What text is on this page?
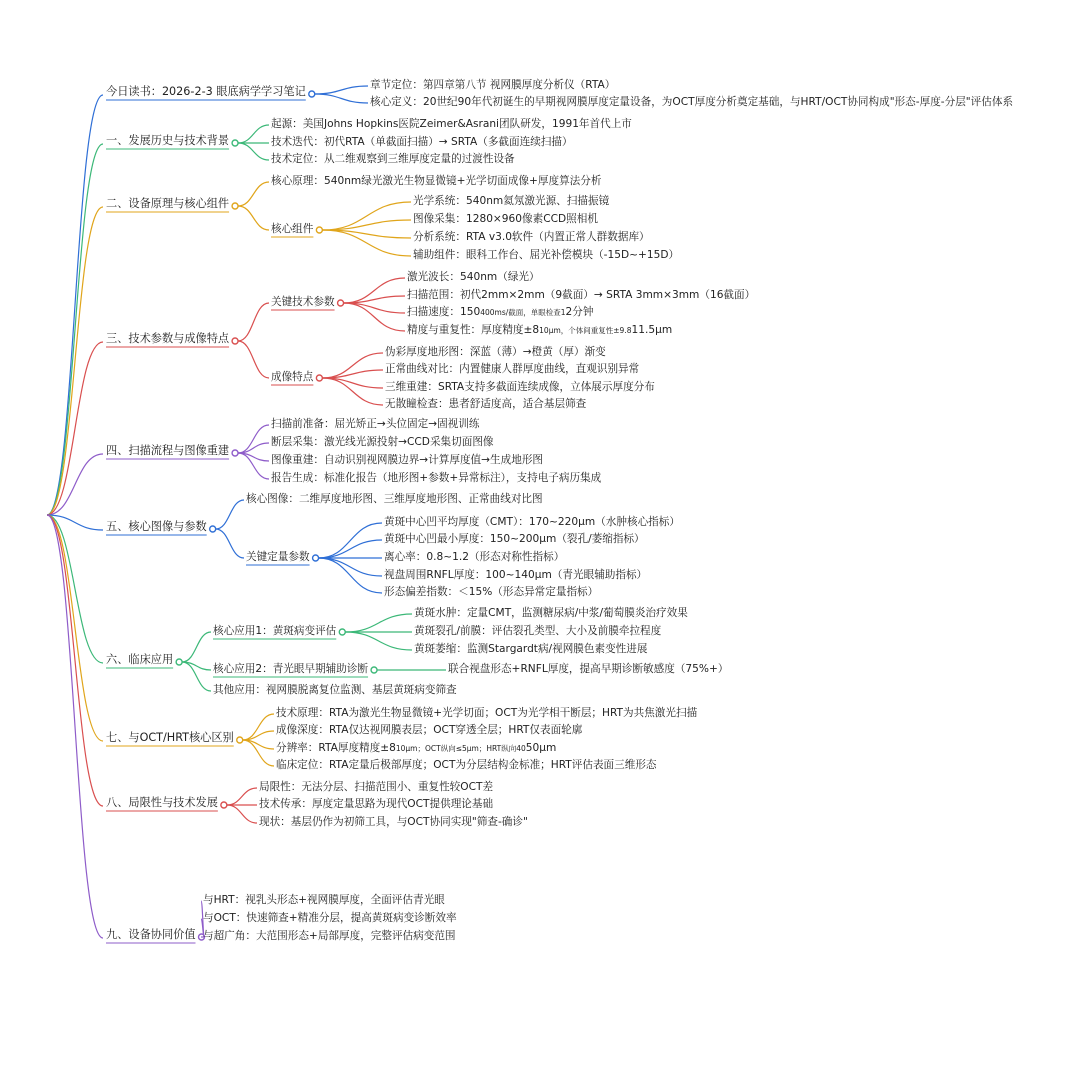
今日读书：2026-2-3 眼底病学学习笔记	章节定位：第四章第八节 视网膜厚度分析仪（RTA）
核心定义：20世纪90年代初诞生的早期视网膜厚度定量设备，为OCT厚度分析奠定基础，与HRT/OCT协同构成"形态-厚度-分层"评估体系
一、发展历史与技术背景
起源：美国Johns Hopkins医院Zeimer&Asrani团队研发，1991年首代上市
技术迭代：初代RTA（单截面扫描）→ SRTA（多截面连续扫描）
技术定位：从二维观察到三维厚度定量的过渡性设备
二、设备原理与核心组件
核心原理：540nm绿光激光生物显微镜+光学切面成像+厚度算法分析
核心组件
光学系统：540nm氦氖激光源、扫描振镜
图像采集：1280×960像素CCD照相机
分析系统：RTA v3.0软件（内置正常人群数据库）
辅助组件：眼科工作台、屈光补偿模块（-15D~+15D）
三、技术参数与成像特点
关键技术参数
激光波长：540nm（绿光）
扫描范围：初代2mm×2mm（9截面）→ SRTA 3mm×3mm（16截面）
扫描速度：150400ms/截面，单眼检查12分钟
精度与重复性：厚度精度±810μm，个体间重复性±9.811.5μm
成像特点
伪彩厚度地形图：深蓝（薄）→橙黄（厚）渐变
正常曲线对比：内置健康人群厚度曲线，直观识别异常
三维重建：SRTA支持多截面连续成像，立体展示厚度分布
无散瞳检查：患者舒适度高，适合基层筛查
四、扫描流程与图像重建
扫描前准备：屈光矫正→头位固定→固视训练
断层采集：激光线光源投射→CCD采集切面图像
图像重建：自动识别视网膜边界→计算厚度值→生成地形图
报告生成：标准化报告（地形图+参数+异常标注），支持电子病历集成
五、核心图像与参数
核心图像：二维厚度地形图、三维厚度地形图、正常曲线对比图
关键定量参数
黄斑中心凹平均厚度（CMT）：170~220μm（水肿核心指标）
黄斑中心凹最小厚度：150~200μm（裂孔/萎缩指标）
离心率：0.8~1.2（形态对称性指标）
视盘周围RNFL厚度：100~140μm（青光眼辅助指标）
形态偏差指数：＜15%（形态异常定量指标）
六、临床应用
核心应用1：黄斑病变评估
黄斑水肿：定量CMT，监测糖尿病/中浆/葡萄膜炎治疗效果
黄斑裂孔/前膜：评估裂孔类型、大小及前膜牵拉程度
黄斑萎缩：监测Stargardt病/视网膜色素变性进展
核心应用2：青光眼早期辅助诊断	联合视盘形态+RNFL厚度，提高早期诊断敏感度（75%+）
其他应用：视网膜脱离复位监测、基层黄斑病变筛查
七、与OCT/HRT核心区别
技术原理：RTA为激光生物显微镜+光学切面；OCT为光学相干断层；HRT为共焦激光扫描
成像深度：RTA仅达视网膜表层；OCT穿透全层；HRT仅表面轮廓
分辨率：RTA厚度精度±810μm；OCT纵向≤5μm；HRT纵向4050μm
临床定位：RTA定量后极部厚度；OCT为分层结构金标准；HRT评估表面三维形态
八、局限性与技术发展
局限性：无法分层、扫描范围小、重复性较OCT差
技术传承：厚度定量思路为现代OCT提供理论基础
现状：基层仍作为初筛工具，与OCT协同实现"筛查-确诊"
九、设备协同价值
与HRT：视乳头形态+视网膜厚度，全面评估青光眼
与OCT：快速筛查+精准分层，提高黄斑病变诊断效率
与超广角：大范围形态+局部厚度，完整评估病变范围
